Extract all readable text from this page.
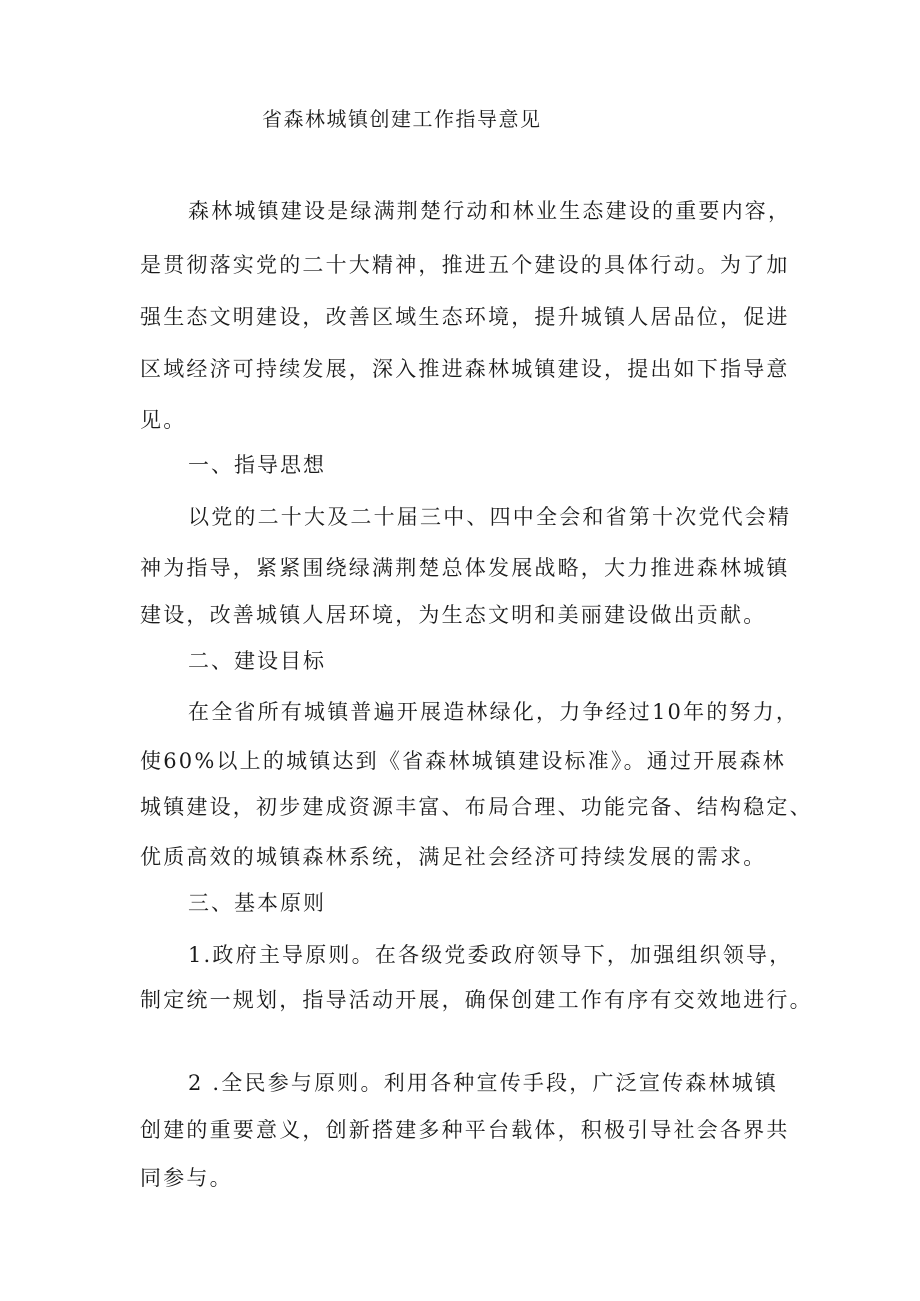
省森林城镇创建工作指导意见

森林城镇建设是绿满荆楚行动和林业生态建设的重要内容，

是贯彻落实党的二十大精神，推进五个建设的具体行动。为了加

强生态文明建设，改善区域生态环境，提升城镇人居品位，促进

区域经济可持续发展，深入推进森林城镇建设，提出如下指导意

见。

一、指导思想

以党的二十大及二十届三中、四中全会和省第十次党代会精

神为指导，紧紧围绕绿满荆楚总体发展战略，大力推进森林城镇

建设，改善城镇人居环境，为生态文明和美丽建设做出贡献。

二、建设目标

在全省所有城镇普遍开展造林绿化，力争经过10年的努力，

使60%以上的城镇达到《省森林城镇建设标准》。通过开展森林

城镇建设，初步建成资源丰富、布局合理、功能完备、结构稳定、

优质高效的城镇森林系统，满足社会经济可持续发展的需求。

三、基本原则

1.政府主导原则。在各级党委政府领导下，加强组织领导，

制定统一规划，指导活动开展，确保创建工作有序有交效地进行。

2 .全民参与原则。利用各种宣传手段，广泛宣传森林城镇

创建的重要意义，创新搭建多种平台载体，积极引导社会各界共

同参与。
